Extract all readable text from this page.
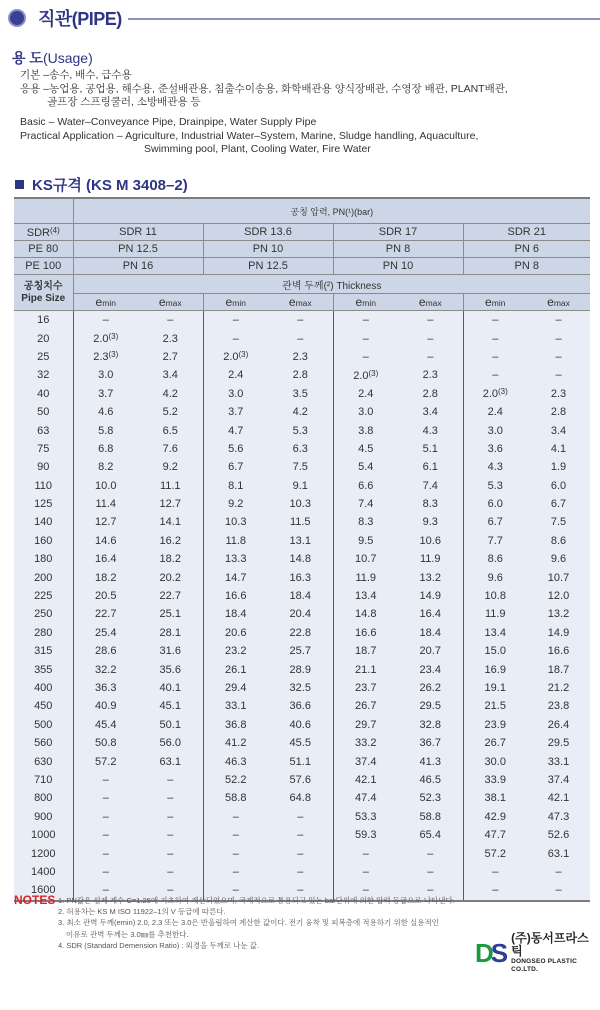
직관(PIPE)
용 도(Usage)
기본 – 송수, 배수, 급수용
응용 – 농업용, 공업용, 해수용, 준설배관용, 침출수이송용, 화학배관용 양식장배관, 수영장 배관, PLANT배관,
골프장 스프링쿨러, 소방배관용 등
Basic – Water–Conveyance Pipe, Drainpipe, Water Supply Pipe
Practical Application – Agriculture, Industrial Water–System, Marine, Sludge handling, Aquaculture,
Swimming pool, Plant, Cooling Water, Fire Water
KS규격 (KS M 3408–2)
	공칭 압력, PN(¹)(bar)							
SDR$^{(4)}$	SDR 11		SDR 13.6		SDR 17		SDR 21	
PE 80	PN 12.5		PN 10		PN 8		PN 6	
PE 100	PN 16		PN 12.5		PN 10		PN 8	

공칭치수
Pipe Size	관벽 두께(²) Thickness							
	emin	emax	emin	emax	emin	emax	emin	emax
16	–	–	–	–	–	–	–	–
20	2.0$^{(3)}$	2.3	–	–	–	–	–	–
25	2.3$^{(3)}$	2.7	2.0$^{(3)}$	2.3	–	–	–	–
32	3.0	3.4	2.4	2.8	2.0$^{(3)}$	2.3	–	–
40	3.7	4.2	3.0	3.5	2.4	2.8	2.0$^{(3)}$	2.3
50	4.6	5.2	3.7	4.2	3.0	3.4	2.4	2.8
63	5.8	6.5	4.7	5.3	3.8	4.3	3.0	3.4
75	6.8	7.6	5.6	6.3	4.5	5.1	3.6	4.1
90	8.2	9.2	6.7	7.5	5.4	6.1	4.3	1.9
110	10.0	11.1	8.1	9.1	6.6	7.4	5.3	6.0
125	11.4	12.7	9.2	10.3	7.4	8.3	6.0	6.7
140	12.7	14.1	10.3	11.5	8.3	9.3	6.7	7.5
160	14.6	16.2	11.8	13.1	9.5	10.6	7.7	8.6
180	16.4	18.2	13.3	14.8	10.7	11.9	8.6	9.6
200	18.2	20.2	14.7	16.3	11.9	13.2	9.6	10.7
225	20.5	22.7	16.6	18.4	13.4	14.9	10.8	12.0
250	22.7	25.1	18.4	20.4	14.8	16.4	11.9	13.2
280	25.4	28.1	20.6	22.8	16.6	18.4	13.4	14.9
315	28.6	31.6	23.2	25.7	18.7	20.7	15.0	16.6
355	32.2	35.6	26.1	28.9	21.1	23.4	16.9	18.7
400	36.3	40.1	29.4	32.5	23.7	26.2	19.1	21.2
450	40.9	45.1	33.1	36.6	26.7	29.5	21.5	23.8
500	45.4	50.1	36.8	40.6	29.7	32.8	23.9	26.4
560	50.8	56.0	41.2	45.5	33.2	36.7	26.7	29.5
630	57.2	63.1	46.3	51.1	37.4	41.3	30.0	33.1
710	–	–	52.2	57.6	42.1	46.5	33.9	37.4
800	–	–	58.8	64.8	47.4	52.3	38.1	42.1
900	–	–	–	–	53.3	58.8	42.9	47.3
1000	–	–	–	–	59.3	65.4	47.7	52.6
1200	–	–	–	–	–	–	57.2	63.1
1400	–	–	–	–	–	–	–	–
1600	–	–	–	–	–	–	–	–
NOTES 1. PN값은 설계 계수 C=1.25에 기초하여 계산되었으며, 국제적으로 통용되고 있는 bar단위에 의한 압력 등급으로 나타낸다.
2. 허용차는 KS M ISO 11922–1의 V 등급에 따른다.
3. 최소 관벽 두께(emin) 2.0, 2.3 또는 3.0은 반올림하여 계산한 값이다. 전기 융착 및 피복층에 적용하기 위한 실용적인
이유로 관벽 두께는 3.0㎜를 추천한다.
4. SDR (Standard Demension Ratio) : 외경을 두께로 나눈 값.	DS (주)동서프라스틱
DONGSEO PLASTIC CO.LTD.
